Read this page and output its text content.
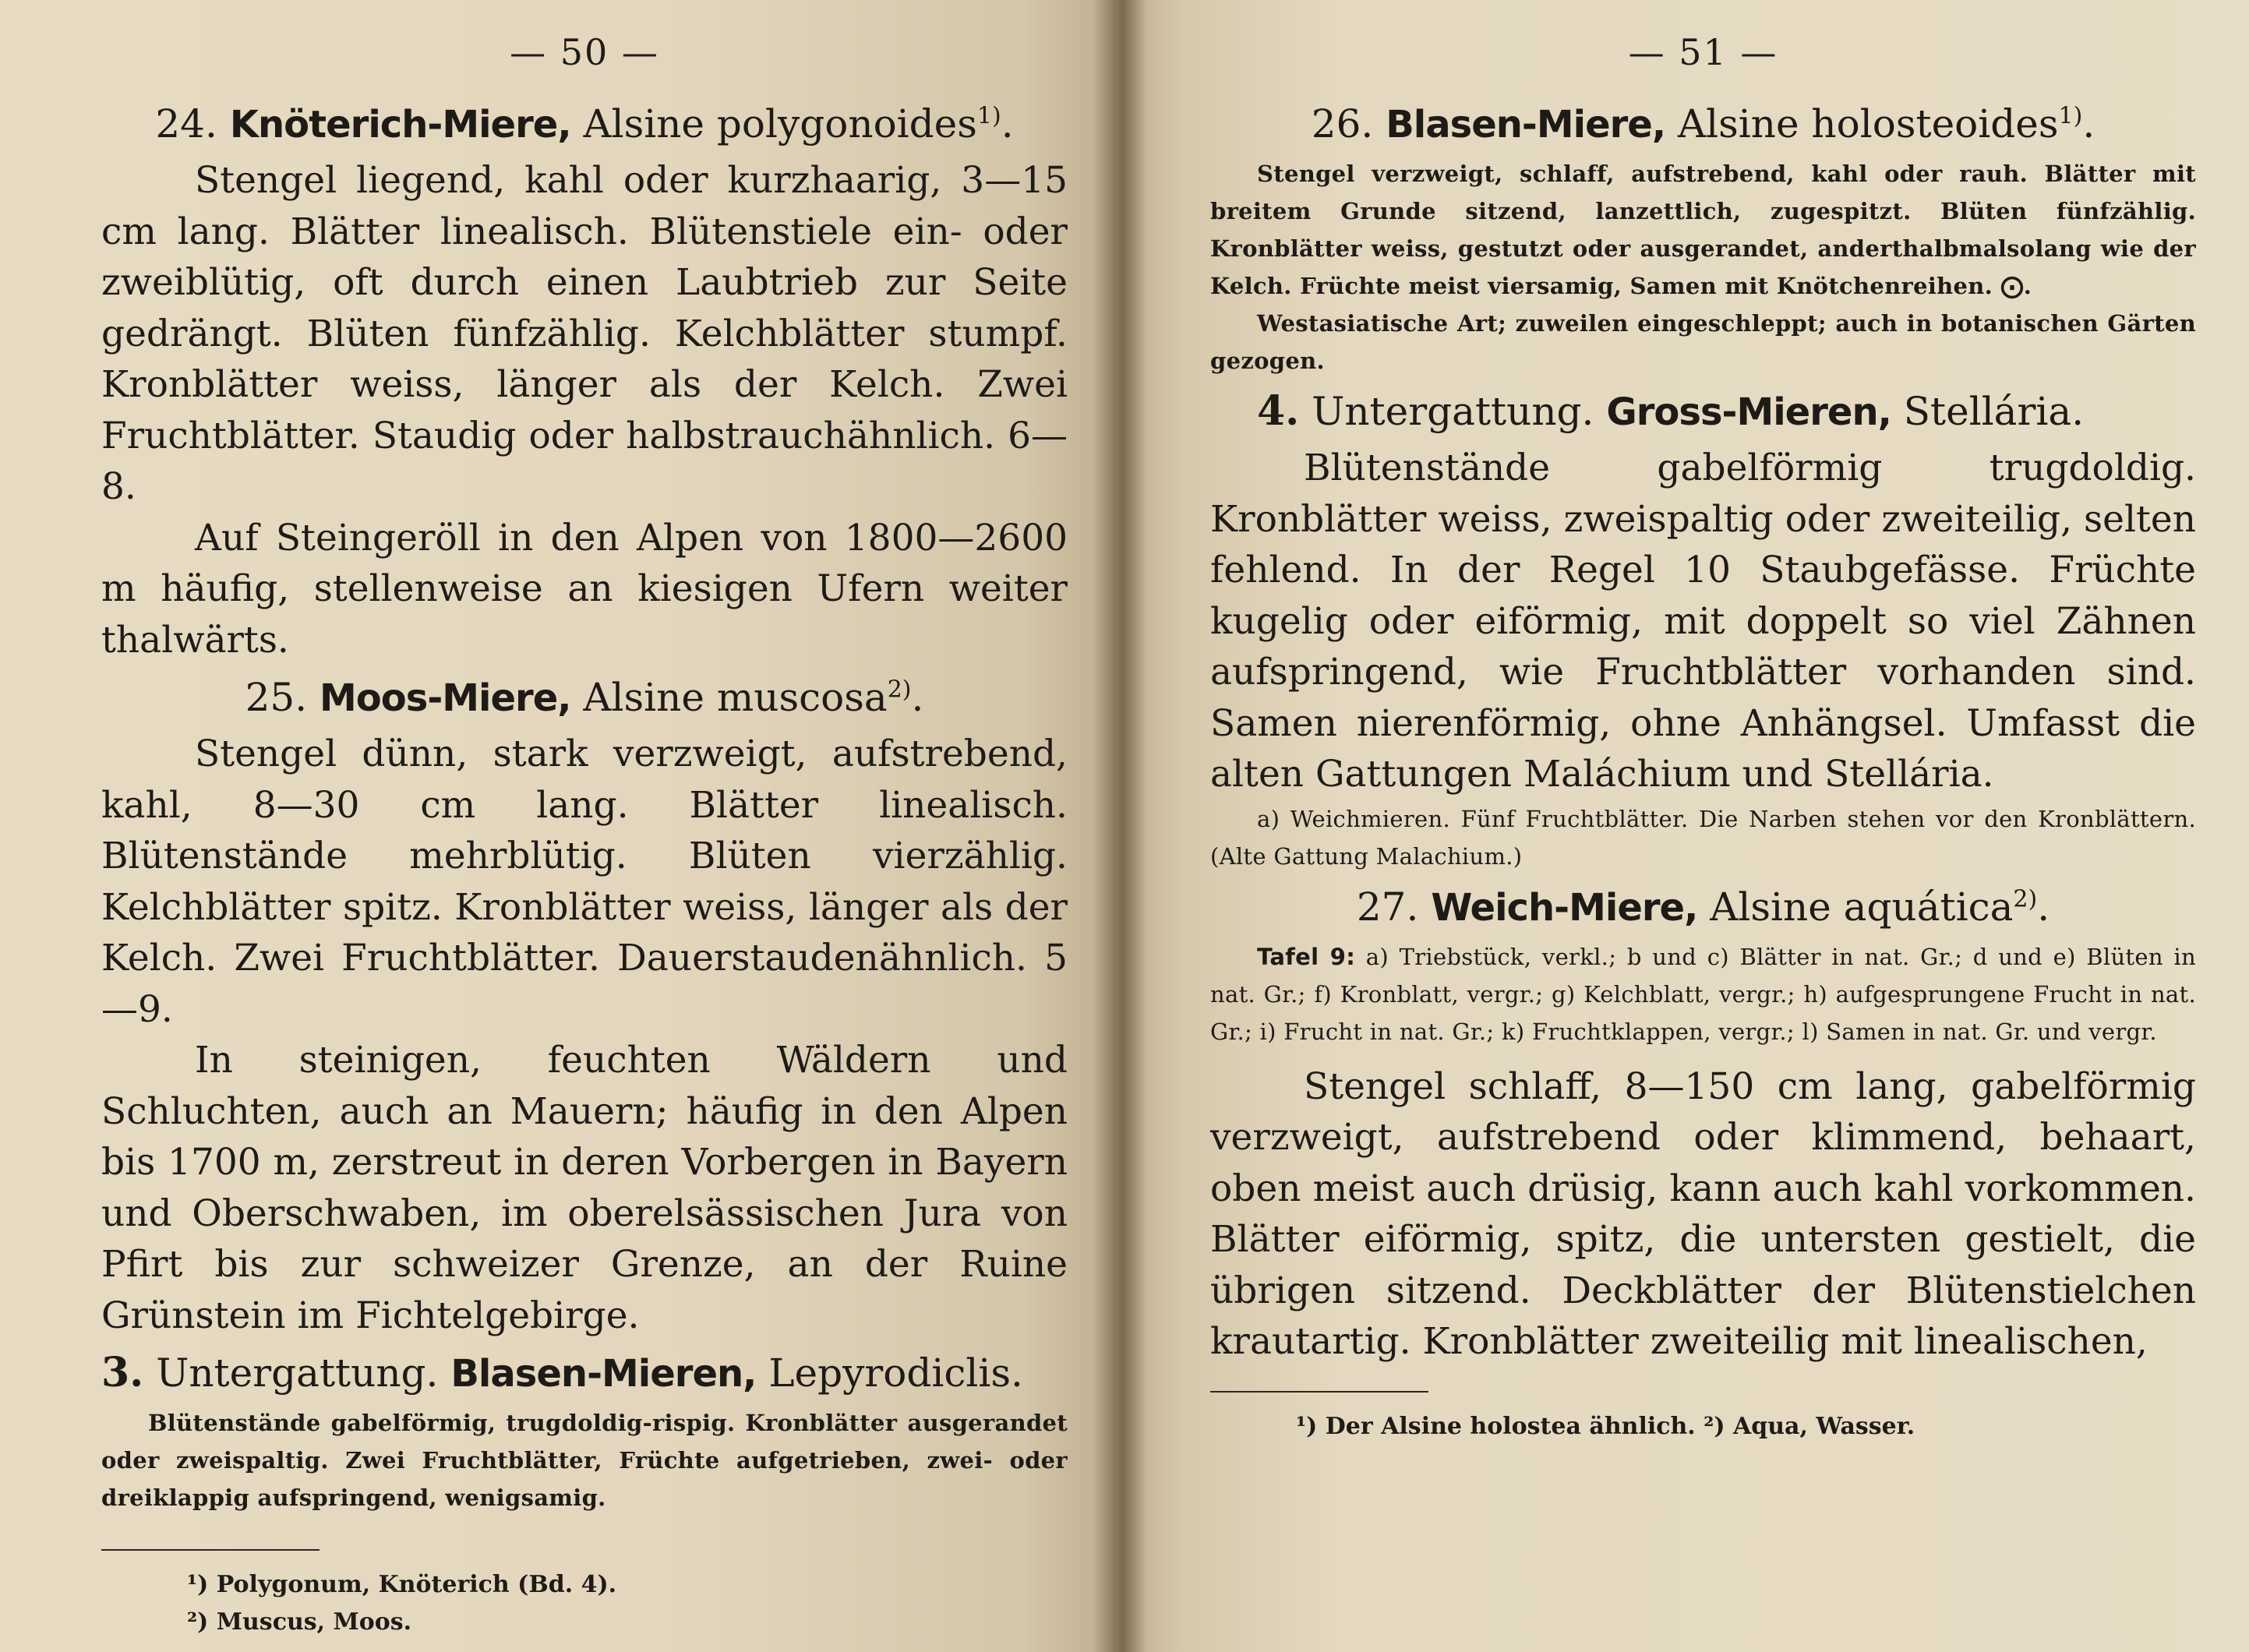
— 50 —
24. Knöterich-Miere, Alsine polygonoides$^{1)}$.

Stengel liegend, kahl oder kurzhaarig, 3—15 cm lang. Blätter linealisch. Blütenstiele ein- oder zweiblütig, oft durch einen Laubtrieb zur Seite gedrängt. Blüten fünfzählig. Kelchblätter stumpf. Kronblätter weiss, länger als der Kelch. Zwei Fruchtblätter. Staudig oder halbstrauchähnlich. 6—8.

Auf Steingeröll in den Alpen von 1800—2600 m häufig, stellenweise an kiesigen Ufern weiter thalwärts.

25. Moos-Miere, Alsine muscosa$^{2)}$.

Stengel dünn, stark verzweigt, aufstrebend, kahl, 8—30 cm lang. Blätter linealisch. Blütenstände mehrblütig. Blüten vierzählig. Kelchblätter spitz. Kronblätter weiss, länger als der Kelch. Zwei Fruchtblätter. Dauerstaudenähnlich. 5—9.

In steinigen, feuchten Wäldern und Schluchten, auch an Mauern; häufig in den Alpen bis 1700 m, zerstreut in deren Vorbergen in Bayern und Oberschwaben, im oberelsässischen Jura von Pfirt bis zur schweizer Grenze, an der Ruine Grünstein im Fichtelgebirge.

3. Untergattung. Blasen-Mieren, Lepyrodiclis.

Blütenstände gabelförmig, trugdoldig-rispig. Kronblätter ausgerandet oder zweispaltig. Zwei Fruchtblätter, Früchte aufgetrieben, zwei- oder dreiklappig aufspringend, wenigsamig.

¹) Polygonum, Knöterich (Bd. 4).
²) Muscus, Moos.
— 51 —
26. Blasen-Miere, Alsine holosteoides$^{1)}$.

Stengel verzweigt, schlaff, aufstrebend, kahl oder rauh. Blätter mit breitem Grunde sitzend, lanzettlich, zugespitzt. Blüten fünfzählig. Kronblätter weiss, gestutzt oder ausgerandet, anderthalbmalsolang wie der Kelch. Früchte meist viersamig, Samen mit Knötchenreihen. ⨀.

Westasiatische Art; zuweilen eingeschleppt; auch in botanischen Gärten gezogen.

4. Untergattung. Gross-Mieren, Stellária.

Blütenstände gabelförmig trugdoldig. Kronblätter weiss, zweispaltig oder zweiteilig, selten fehlend. In der Regel 10 Staubgefässe. Früchte kugelig oder eiförmig, mit doppelt so viel Zähnen aufspringend, wie Fruchtblätter vorhanden sind. Samen nierenförmig, ohne Anhängsel. Umfasst die alten Gattungen Maláchium und Stellária.

a) Weichmieren. Fünf Fruchtblätter. Die Narben stehen vor den Kronblättern. (Alte Gattung Malachium.)

27. Weich-Miere, Alsine aquática$^{2)}$.

Tafel 9: a) Triebstück, verkl.; b und c) Blätter in nat. Gr.; d und e) Blüten in nat. Gr.; f) Kronblatt, vergr.; g) Kelchblatt, vergr.; h) aufgesprungene Frucht in nat. Gr.; i) Frucht in nat. Gr.; k) Fruchtklappen, vergr.; l) Samen in nat. Gr. und vergr.

Stengel schlaff, 8—150 cm lang, gabelförmig verzweigt, aufstrebend oder klimmend, behaart, oben meist auch drüsig, kann auch kahl vorkommen. Blätter eiförmig, spitz, die untersten gestielt, die übrigen sitzend. Deckblätter der Blütenstielchen krautartig. Kronblätter zweiteilig mit linealischen,

¹) Der Alsine holostea ähnlich. ²) Aqua, Wasser.
